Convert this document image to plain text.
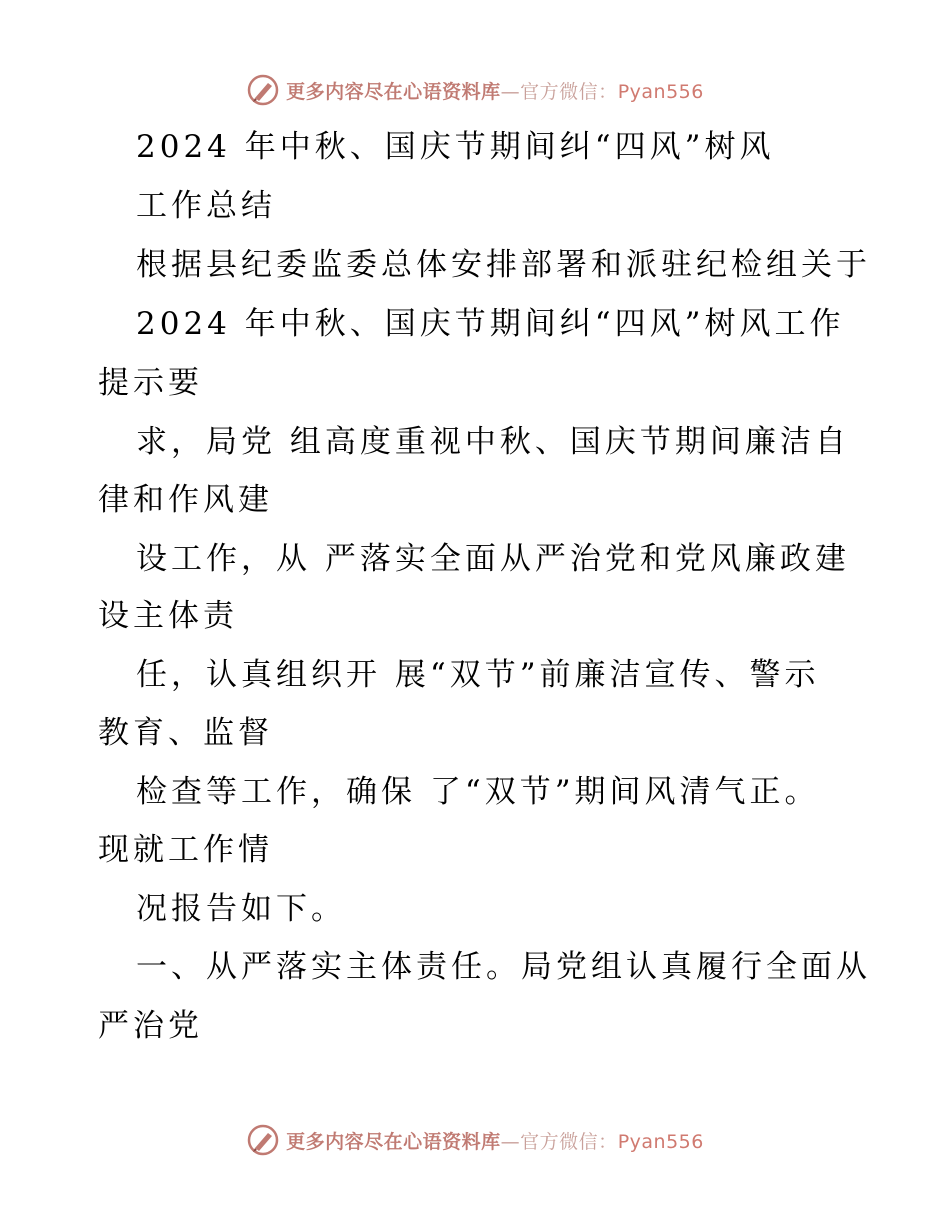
更多内容尽在心语资料库—官方微信：Pyan556
2024 年中秋、国庆节期间纠“四风”树风
工作总结
根据县纪委监委总体安排部署和派驻纪检组关于
2024 年中秋、国庆节期间纠“四风”树风工作
提示要
求，局党 组高度重视中秋、国庆节期间廉洁自
律和作风建
设工作，从 严落实全面从严治党和党风廉政建
设主体责
任，认真组织开 展“双节”前廉洁宣传、警示
教育、监督
检查等工作，确保 了“双节”期间风清气正。
现就工作情
况报告如下。
一、从严落实主体责任。局党组认真履行全面从
严治党
更多内容尽在心语资料库—官方微信：Pyan556
